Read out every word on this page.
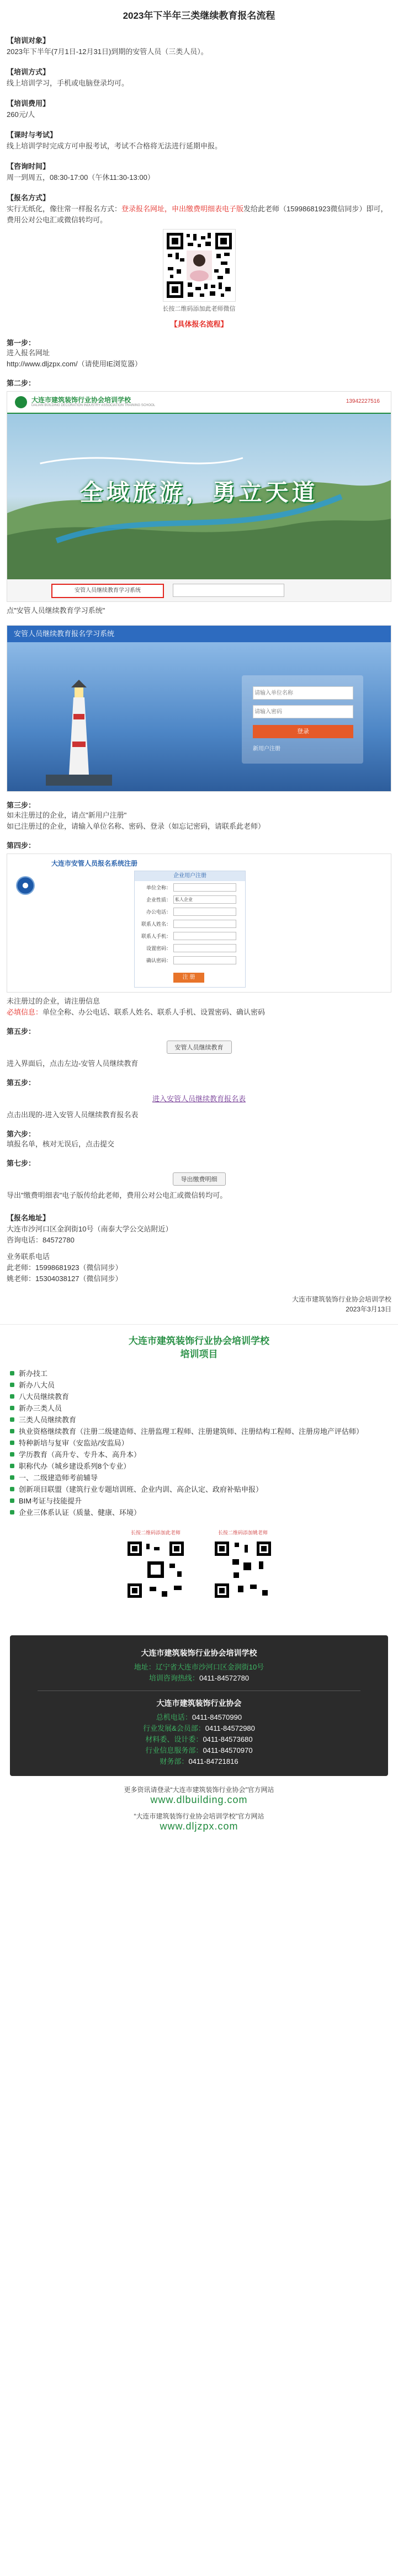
2023年下半年三类继续教育报名流程
【培训对象】
2023年下半年(7月1日-12月31日)到期的安管人员（三类人员）。
【培训方式】
线上培训学习，手机或电脑登录均可。
【培训费用】
260元/人
【课时与考试】
线上培训学时完成方可申报考试，考试不合格将无法进行延期申报。
【咨询时间】
周一到周五，08:30-17:00（午休11:30-13:00）
【报名方式】
实行无纸化，像往常一样报名方式：登录报名网址，申出缴费明细表电子版发给此老师（15998681923微信同步）即可，费用公对公电汇或微信转均可。
长按二维码添加此老师微信
【具体报名流程】
第一步：
进入报名网址
http://www.dljzpx.com/（请使用IE浏览器）
第二步：
大连市建筑装饰行业协会培训学校
DALIAN BUILDING DECORATION INDUSTRY ASSOCIATION TRAINING SCHOOL
13942227516
全域旅游，勇立天道
安管人员继续教育学习系统
点"安管人员继续教育学习系统"
安管人员继续教育报名学习系统
请输入单位名称
请输入密码
登录
新用户注册
第三步：
如未注册过的企业，请点"新用户注册"
如已注册过的企业，请输入单位名称、密码、登录（如忘记密码，请联系此老师）
第四步：
大连市安管人员报名系统注册
企业用户注册
单位全称：
企业性质： 私人企业
办公电话：
联系人姓名：
联系人手机：
设置密码：
确认密码：
注 册
未注册过的企业，请注册信息
必填信息：单位全称、办公电话、联系人姓名、联系人手机、设置密码、确认密码
第五步：
安管人员继续教育
进入界面后，点击左边-安管人员继续教育
第五步：
进入安管人员继续教育报名表
点击出现的-进入安管人员继续教育报名表
第六步：
填报名单，核对无误后，点击提交
第七步：
导出缴费明细
导出"缴费明细表"电子版传给此老师，费用公对公电汇或微信转均可。
【报名地址】
大连市沙河口区金润街10号（南泰大学公交站附近）
咨询电话：84572780
业务联系电话
此老师：15998681923（微信同步）
姚老师：15304038127（微信同步）
大连市建筑装饰行业协会培训学校
2023年3月13日
大连市建筑装饰行业协会培训学校
培训项目
新办技工
新办八大员
八大员继续教育
新办三类人员
三类人员继续教育
执业资格继续教育（注册二级建造师、注册监理工程师、注册建筑师、注册结构工程师、注册房地产评估师）
特种新培与复审（安监站/安监局）
学历教育（高升专、专升本、高升本）
职称代办（城乡建设系列8个专业）
一、二级建造师考前辅导
创新项目联盟（建筑行业专题培训班、企业内训、高企认定、政府补贴申报）
BIM考证与技能提升
企业三体系认证（质量、健康、环境）
长按二维码添加此老师	长按二维码添加姚老师
大连市建筑装饰行业协会培训学校
地址：辽宁省大连市沙河口区金润街10号
培训咨询热线：0411-84572780
大连市建筑装饰行业协会
总机电话：0411-84570990
行业发展&会员部：0411-84572980
材料委、设计委：0411-84573680
行业信息服务部：0411-84570970
财务部：0411-84721816
更多资讯请登录“大连市建筑装饰行业协会”官方网站
www.dlbuilding.com
“大连市建筑装饰行业协会培训学校”官方网站
www.dljzpx.com
